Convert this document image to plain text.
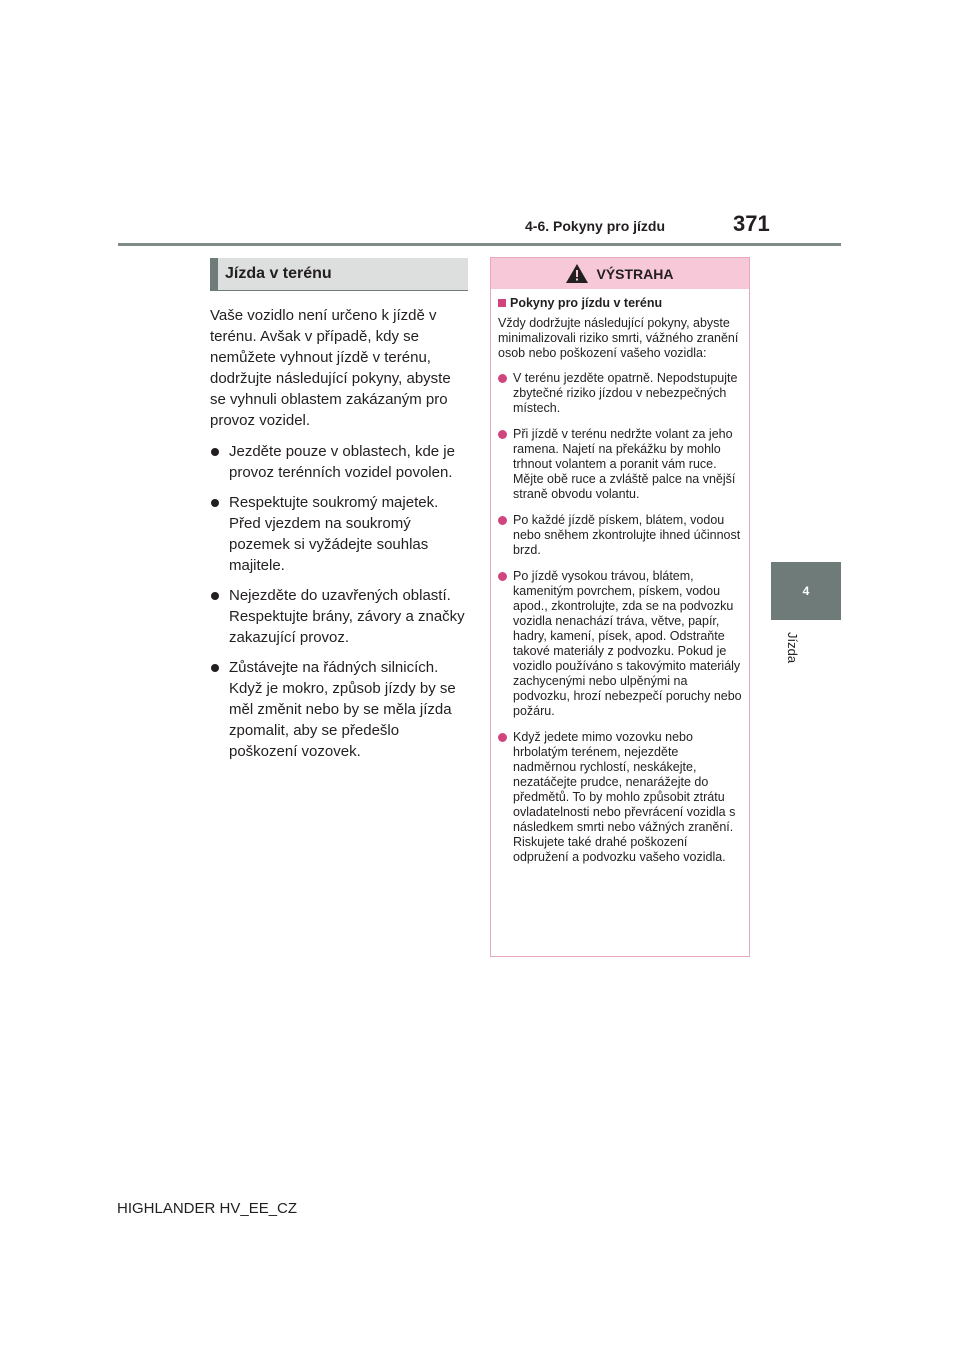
4-6. Pokyny pro jízdu	371
4
Jízda
Jízda v terénu

Vaše vozidlo není určeno k jízdě v terénu. Avšak v případě, kdy se nemůžete vyhnout jízdě v terénu, dodržujte následující pokyny, abyste se vyhnuli oblastem zakázaným pro provoz vozidel.

Jezděte pouze v oblastech, kde je provoz terénních vozidel povolen.
Respektujte soukromý majetek. Před vjezdem na soukromý pozemek si vyžádejte souhlas majitele.
Nejezděte do uzavřených oblastí. Respektujte brány, závory a značky zakazující provoz.
Zůstávejte na řádných silnicích. Když je mokro, způsob jízdy by se měl změnit nebo by se měla jízda zpomalit, aby se předešlo poškození vozovek.
VÝSTRAHA
Pokyny pro jízdu v terénu

Vždy dodržujte následující pokyny, abyste minimalizovali riziko smrti, vážného zranění osob nebo poškození vašeho vozidla:

V terénu jezděte opatrně. Nepodstupujte zbytečné riziko jízdou v nebezpečných místech.
Při jízdě v terénu nedržte volant za jeho ramena. Najetí na překážku by mohlo trhnout volantem a poranit vám ruce. Mějte obě ruce a zvláště palce na vnější straně obvodu volantu.
Po každé jízdě pískem, blátem, vodou nebo sněhem zkontrolujte ihned účinnost brzd.
Po jízdě vysokou trávou, blátem, kamenitým povrchem, pískem, vodou apod., zkontrolujte, zda se na podvozku vozidla nenachází tráva, větve, papír, hadry, kamení, písek, apod. Odstraňte takové materiály z podvozku. Pokud je vozidlo používáno s takovýmito materiály zachycenými nebo ulpěnými na podvozku, hrozí nebezpečí poruchy nebo požáru.
Když jedete mimo vozovku nebo hrbolatým terénem, nejezděte nadměrnou rychlostí, neskákejte, nezatáčejte prudce, nenarážejte do předmětů. To by mohlo způsobit ztrátu ovladatelnosti nebo převrácení vozidla s následkem smrti nebo vážných zranění. Riskujete také drahé poškození odpružení a podvozku vašeho vozidla.
HIGHLANDER HV_EE_CZ
